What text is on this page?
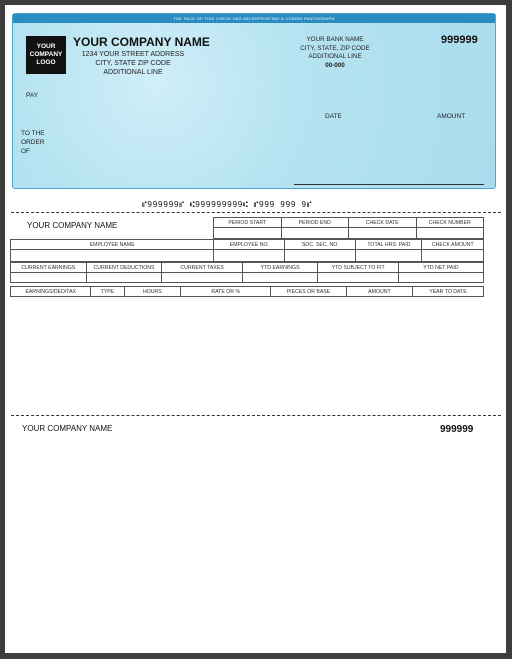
THE FACE OF THIS CHECK HAS MICROPRINTING & VOIDED PANTOGRAPH
YOUR
COMPANY
LOGO
YOUR COMPANY NAME
1234 YOUR STREET ADDRESS
CITY, STATE ZIP CODE
ADDITIONAL LINE
YOUR BANK NAME
CITY, STATE, ZIP CODE
ADDITIONAL LINE
00-000
999999
PAY
TO THE
ORDER
OF
DATE	AMOUNT
⑈999999⑈ ⑆999999999⑆ ⑈999 999 9⑈
YOUR COMPANY NAME	PERIOD START	PERIOD END	CHECK DATE	CHECK NUMBER

EMPLOYEE NAME	EMPLOYEE NO.	SOC. SEC. NO.	TOTAL HRS. PAID	CHECK AMOUNT

CURRENT EARNINGS	CURRENT DEDUCTIONS	CURRENT TAXES	YTD EARNINGS	YTD SUBJECT TO FIT	YTD NET PAID

EARNINGS/DED/TAX	TYPE	HOURS	RATE OR %	PIECES OR BASE	AMOUNT	YEAR TO DATE
YOUR COMPANY NAME	999999
